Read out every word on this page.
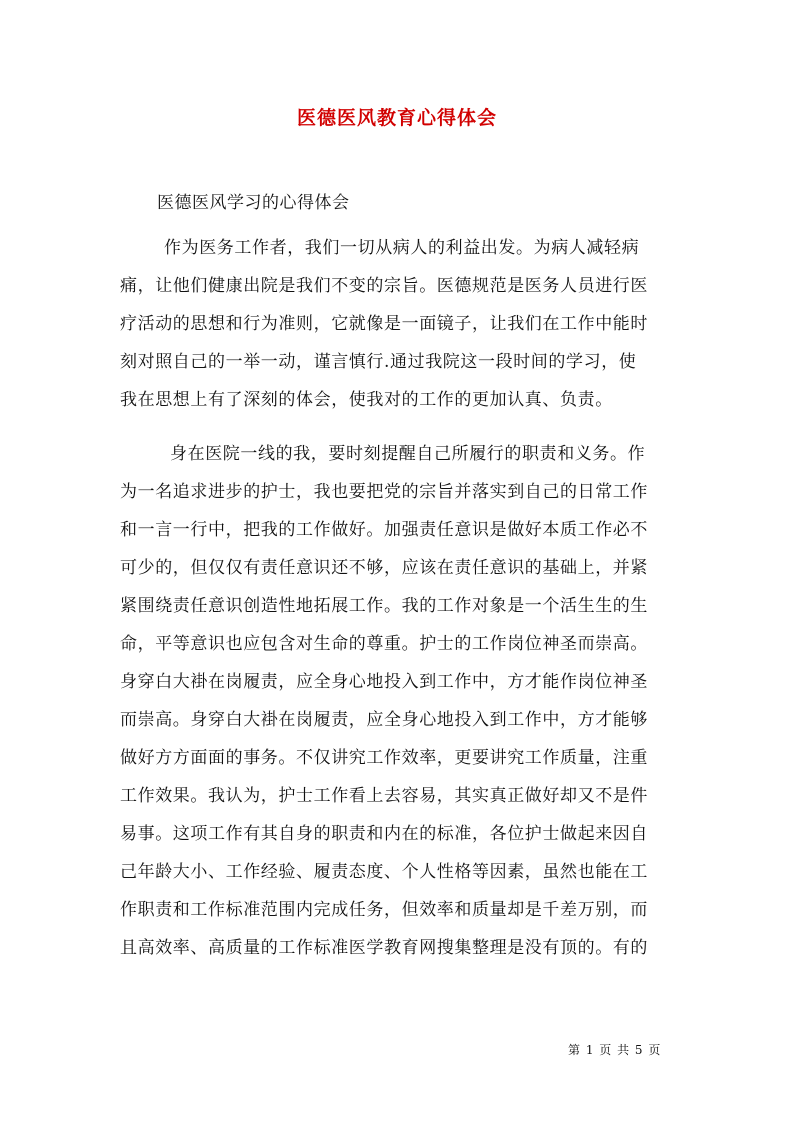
医德医风教育心得体会
医德医风学习的心得体会
作为医务工作者，我们一切从病人的利益出发。为病人减轻病
痛，让他们健康出院是我们不变的宗旨。医德规范是医务人员进行医
疗活动的思想和行为准则，它就像是一面镜子，让我们在工作中能时
刻对照自己的一举一动，谨言慎行.通过我院这一段时间的学习，使
我在思想上有了深刻的体会，使我对的工作的更加认真、负责。
身在医院一线的我，要时刻提醒自己所履行的职责和义务。作
为一名追求进步的护士，我也要把党的宗旨并落实到自己的日常工作
和一言一行中，把我的工作做好。加强责任意识是做好本质工作必不
可少的，但仅仅有责任意识还不够，应该在责任意识的基础上，并紧
紧围绕责任意识创造性地拓展工作。我的工作对象是一个活生生的生
命，平等意识也应包含对生命的尊重。护士的工作岗位神圣而崇高。
身穿白大褂在岗履责，应全身心地投入到工作中，方才能作岗位神圣
而崇高。身穿白大褂在岗履责，应全身心地投入到工作中，方才能够
做好方方面面的事务。不仅讲究工作效率，更要讲究工作质量，注重
工作效果。我认为，护士工作看上去容易，其实真正做好却又不是件
易事。这项工作有其自身的职责和内在的标准，各位护士做起来因自
己年龄大小、工作经验、履责态度、个人性格等因素，虽然也能在工
作职责和工作标准范围内完成任务，但效率和质量却是千差万别，而
且高效率、高质量的工作标准医学教育网搜集整理是没有顶的。有的
第 1 页 共 5 页
